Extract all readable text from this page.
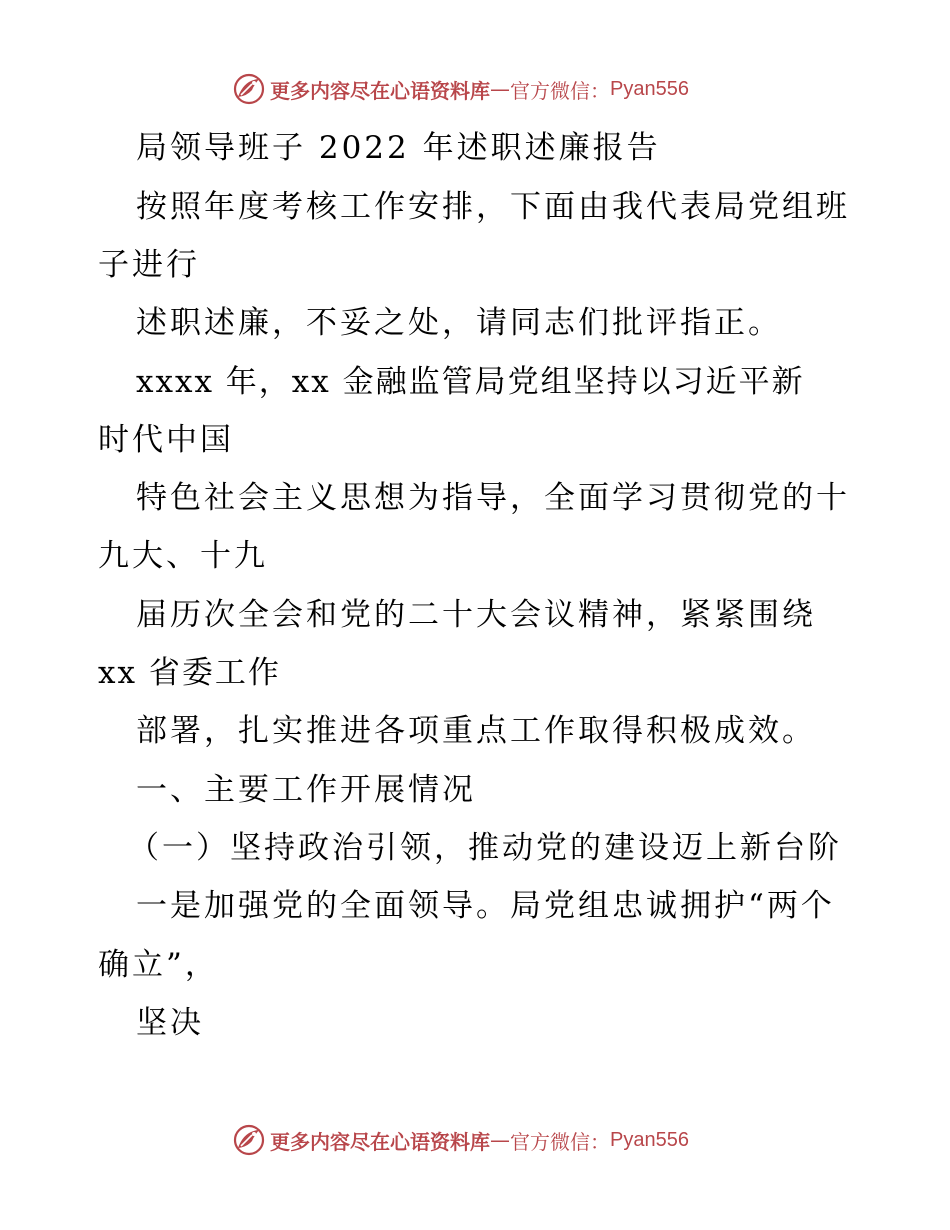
更多内容尽在心语资料库 — 官方微信： Pyan556
局领导班子 2022 年述职述廉报告
按照年度考核工作安排，下面由我代表局党组班
子进行
述职述廉，不妥之处，请同志们批评指正。
xxxx 年，xx 金融监管局党组坚持以习近平新
时代中国
特色社会主义思想为指导，全面学习贯彻党的十
九大、十九
届历次全会和党的二十大会议精神，紧紧围绕
xx 省委工作
部署，扎实推进各项重点工作取得积极成效。
一、主要工作开展情况
（一）坚持政治引领，推动党的建设迈上新台阶
一是加强党的全面领导。局党组忠诚拥护“两个
确立”，
坚决
更多内容尽在心语资料库 — 官方微信： Pyan556
